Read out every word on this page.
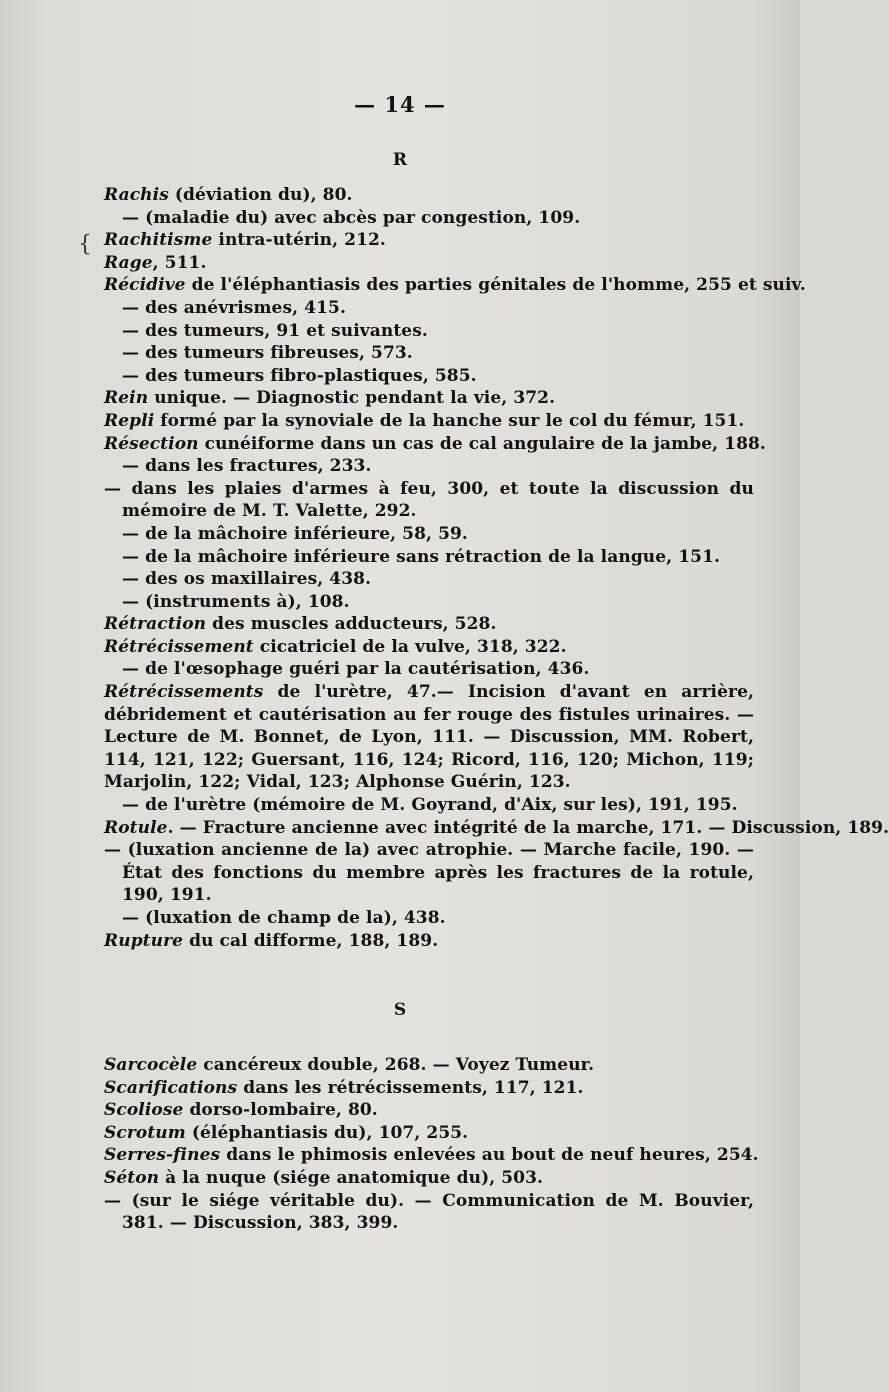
— 14 —
R
{

Rachis (déviation du), 80.

— (maladie du) avec abcès par congestion, 109.

Rachitisme intra-utérin, 212.

Rage, 511.

Récidive de l'éléphantiasis des parties génitales de l'homme, 255 et suiv.

— des anévrismes, 415.

— des tumeurs, 91 et suivantes.

— des tumeurs fibreuses, 573.

— des tumeurs fibro-plastiques, 585.

Rein unique. — Diagnostic pendant la vie, 372.

Repli formé par la synoviale de la hanche sur le col du fémur, 151.

Résection cunéiforme dans un cas de cal angulaire de la jambe, 188.

— dans les fractures, 233.

— dans les plaies d'armes à feu, 300, et toute la discussion du mémoire de M. T. Valette, 292.

— de la mâchoire inférieure, 58, 59.

— de la mâchoire inférieure sans rétraction de la langue, 151.

— des os maxillaires, 438.

— (instruments à), 108.

Rétraction des muscles adducteurs, 528.

Rétrécissement cicatriciel de la vulve, 318, 322.

— de l'œsophage guéri par la cautérisation, 436.

Rétrécissements de l'urètre, 47.— Incision d'avant en arrière, débridement et cautérisation au fer rouge des fistules urinaires. — Lecture de M. Bonnet, de Lyon, 111. — Discussion, MM. Robert, 114, 121, 122; Guersant, 116, 124; Ricord, 116, 120; Michon, 119; Marjolin, 122; Vidal, 123; Alphonse Guérin, 123.

— de l'urètre (mémoire de M. Goyrand, d'Aix, sur les), 191, 195.

Rotule. — Fracture ancienne avec intégrité de la marche, 171. — Discussion, 189.

— (luxation ancienne de la) avec atrophie. — Marche facile, 190. — État des fonctions du membre après les fractures de la rotule, 190, 191.

— (luxation de champ de la), 438.

Rupture du cal difforme, 188, 189.

S

Sarcocèle cancéreux double, 268. — Voyez Tumeur.

Scarifications dans les rétrécissements, 117, 121.

Scoliose dorso-lombaire, 80.

Scrotum (éléphantiasis du), 107, 255.

Serres-fines dans le phimosis enlevées au bout de neuf heures, 254.

Séton à la nuque (siége anatomique du), 503.

— (sur le siége véritable du). — Communication de M. Bouvier, 381. — Discussion, 383, 399.
